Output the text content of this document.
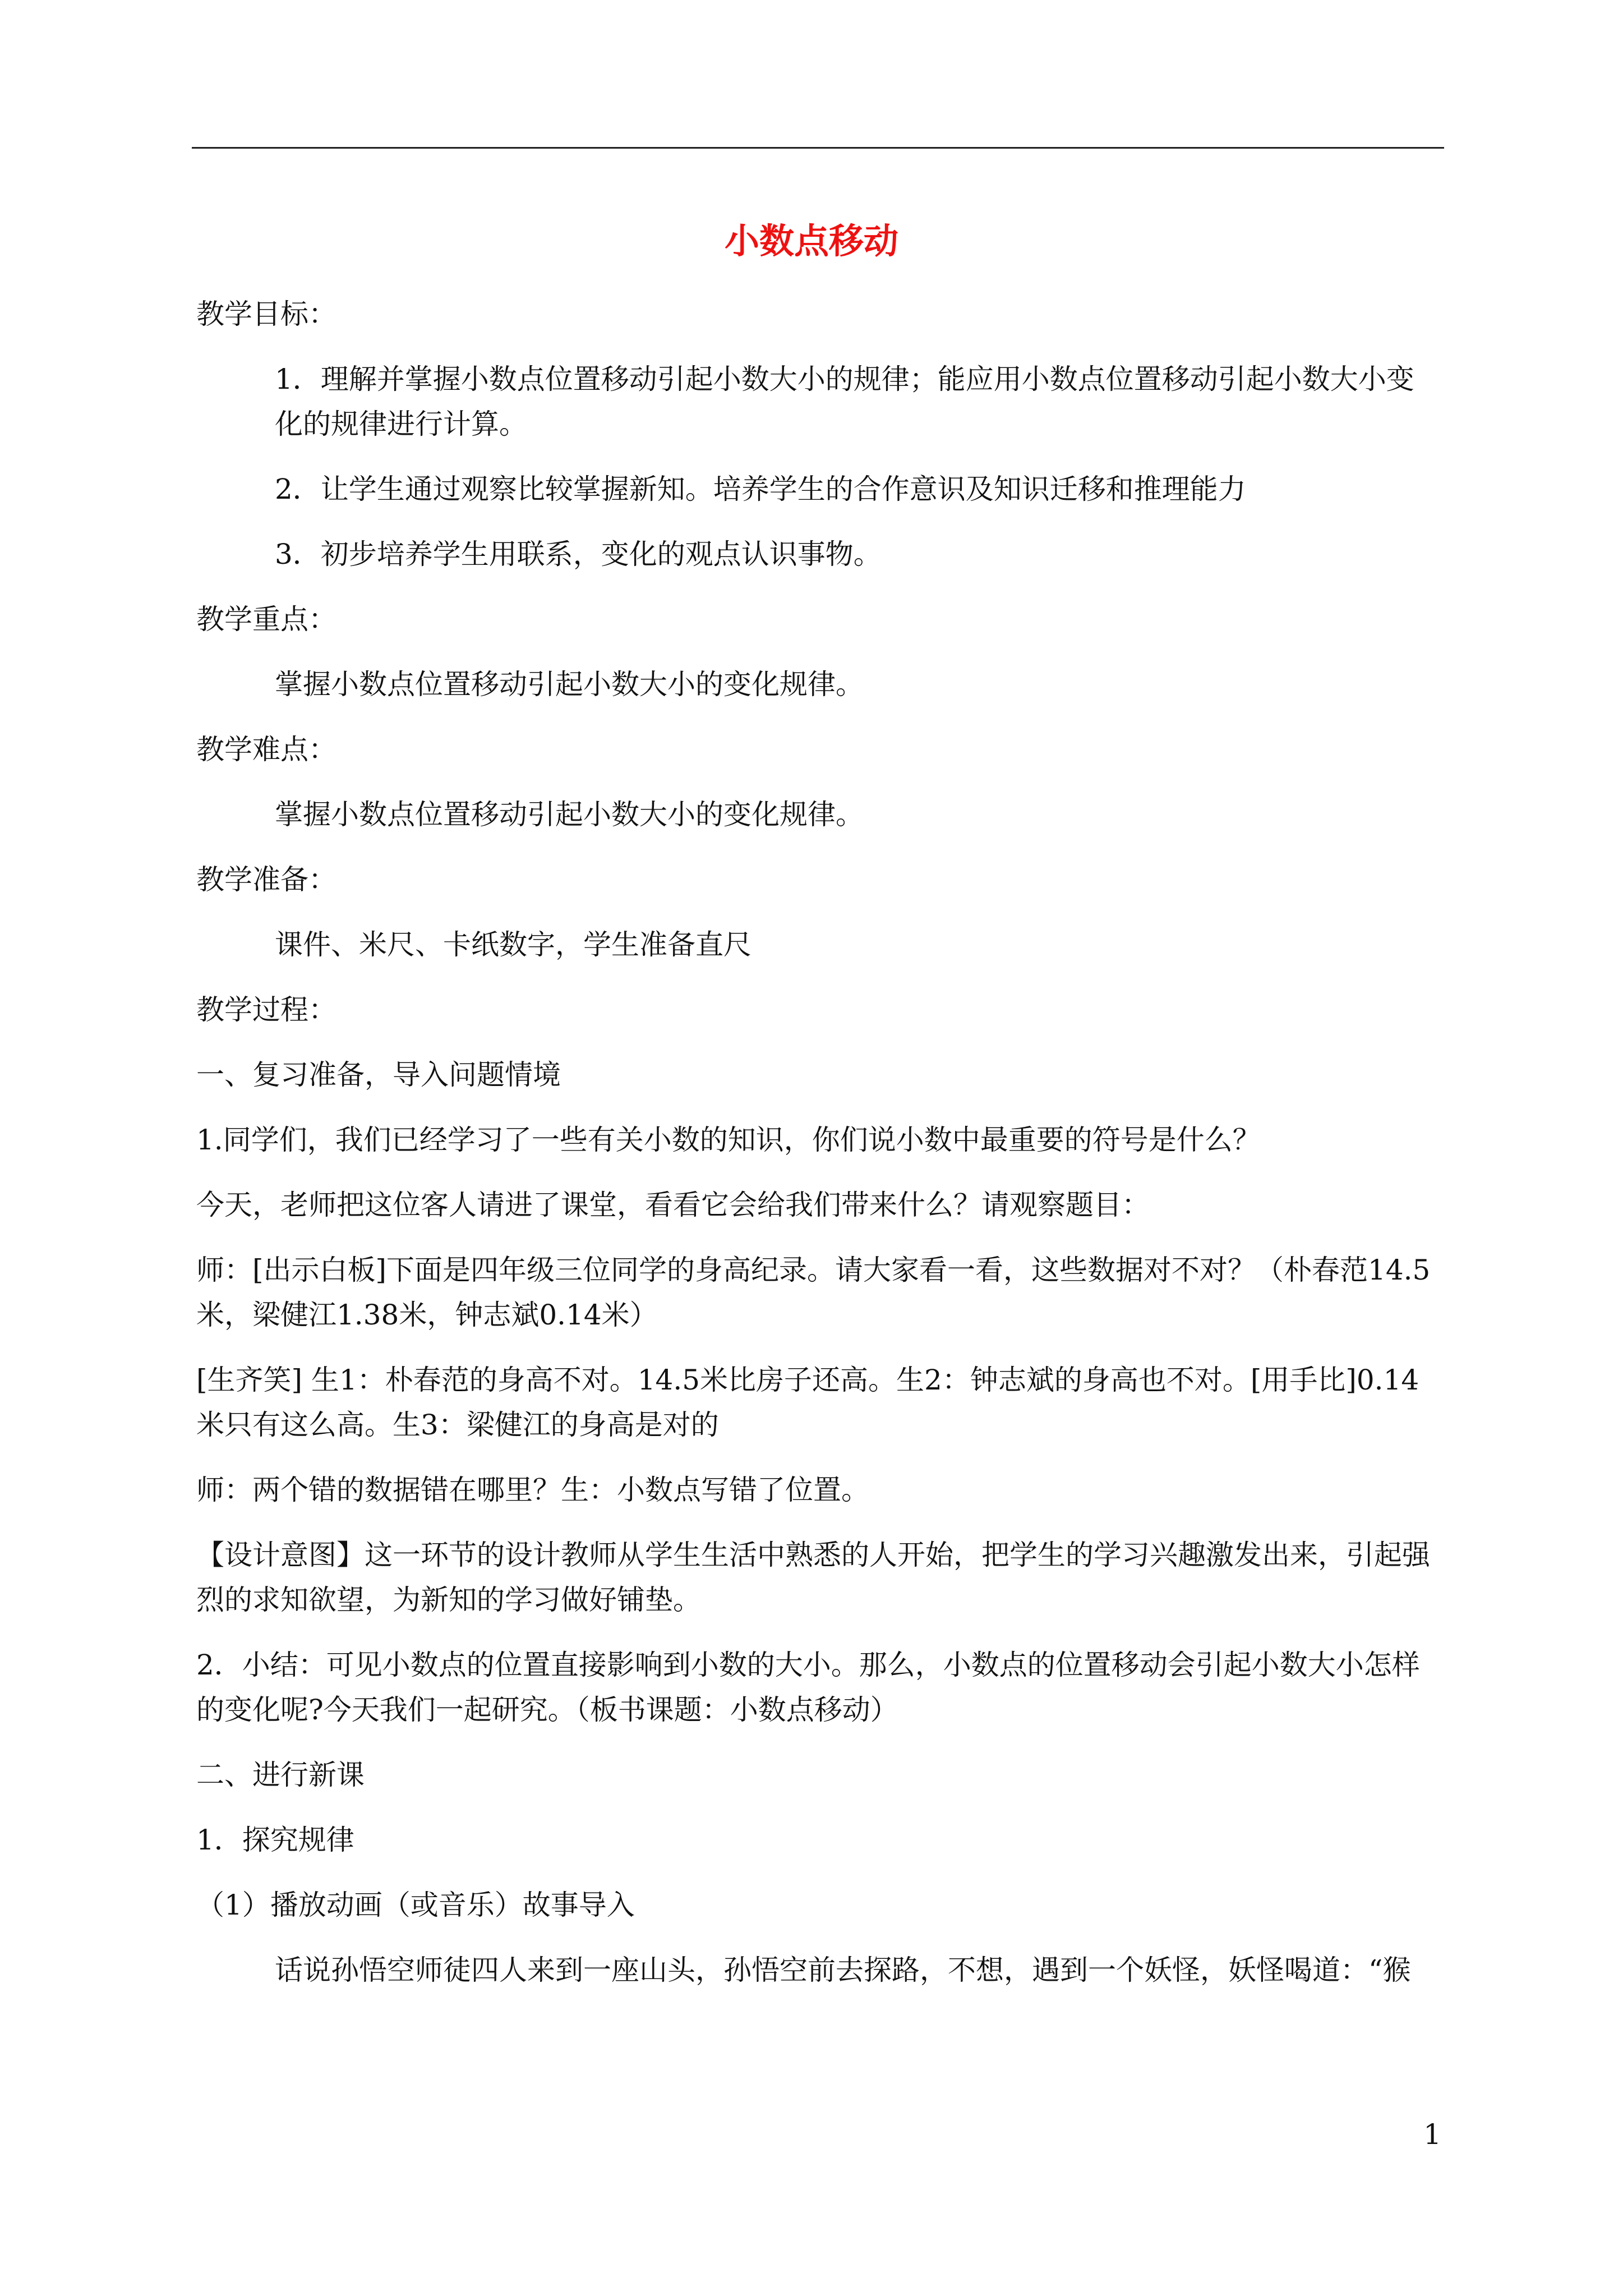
小数点移动

教学目标：

1．理解并掌握小数点位置移动引起小数大小的规律；能应用小数点位置移动引起小数大小变化的规律进行计算。

2．让学生通过观察比较掌握新知。培养学生的合作意识及知识迁移和推理能力

3．初步培养学生用联系，变化的观点认识事物。

教学重点：

掌握小数点位置移动引起小数大小的变化规律。

教学难点：

掌握小数点位置移动引起小数大小的变化规律。

教学准备：

课件、米尺、卡纸数字，学生准备直尺

教学过程：

一、复习准备，导入问题情境

1.同学们，我们已经学习了一些有关小数的知识，你们说小数中最重要的符号是什么？

今天，老师把这位客人请进了课堂，看看它会给我们带来什么？请观察题目：

师：[出示白板]下面是四年级三位同学的身高纪录。请大家看一看，这些数据对不对？（朴春范14.5米，梁健江1.38米，钟志斌0.14米）

[生齐笑] 生1：朴春范的身高不对。14.5米比房子还高。生2：钟志斌的身高也不对。[用手比]0.14米只有这么高。生3：梁健江的身高是对的

师：两个错的数据错在哪里？生：小数点写错了位置。

【设计意图】这一环节的设计教师从学生生活中熟悉的人开始，把学生的学习兴趣激发出来，引起强烈的求知欲望，为新知的学习做好铺垫。

2．小结：可见小数点的位置直接影响到小数的大小。那么，小数点的位置移动会引起小数大小怎样的变化呢?今天我们一起研究。（板书课题：小数点移动）

二、进行新课

1．探究规律

（1）播放动画（或音乐）故事导入

话说孙悟空师徒四人来到一座山头，孙悟空前去探路，不想，遇到一个妖怪，妖怪喝道：“猴

1
